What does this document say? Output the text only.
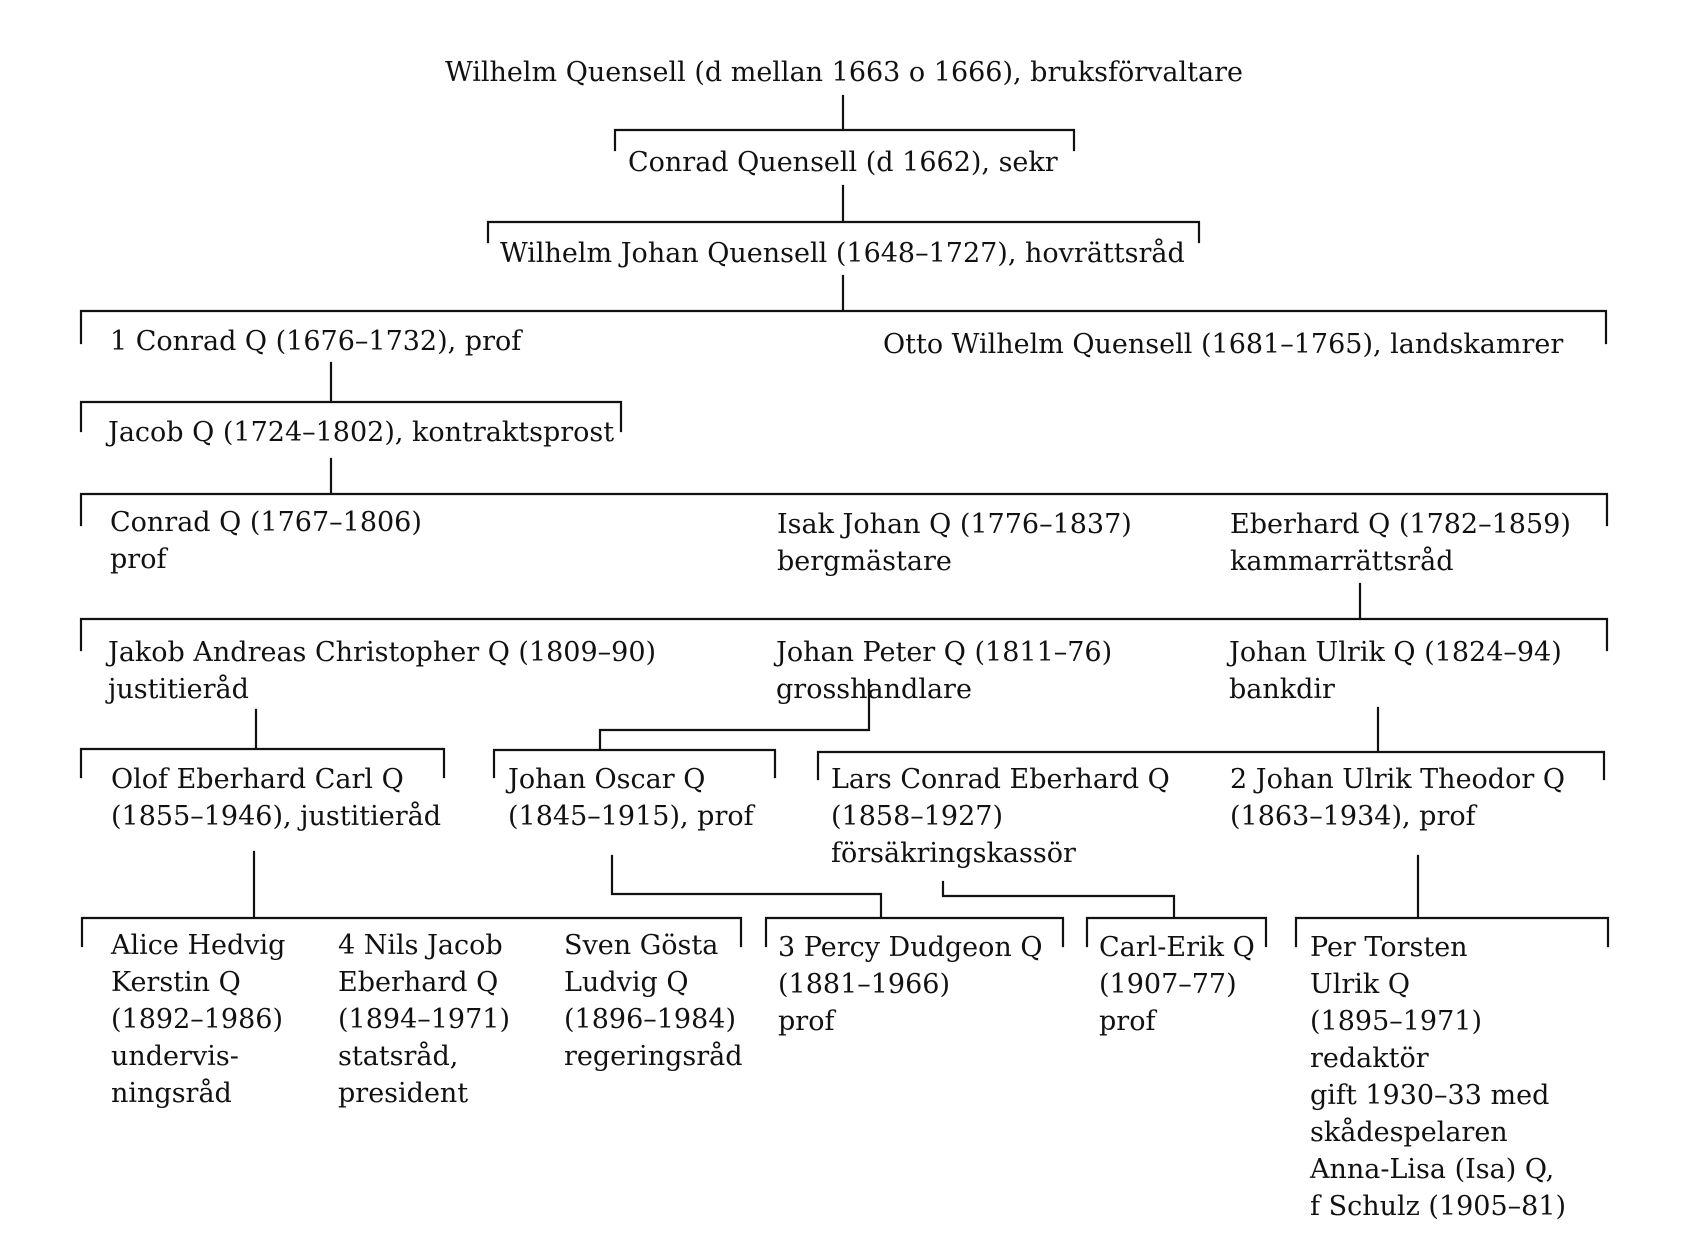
Wilhelm Quensell (d mellan 1663 o 1666), bruksförvaltare
Conrad Quensell (d 1662), sekr
Wilhelm Johan Quensell (1648–1727), hovrättsråd
1 Conrad Q (1676–1732), prof	Otto Wilhelm Quensell (1681–1765), landskamrer
Jacob Q (1724–1802), kontraktsprost
Conrad Q (1767–1806)
prof
Isak Johan Q (1776–1837)
bergmästare
Eberhard Q (1782–1859)
kammarrättsråd
Jakob Andreas Christopher Q (1809–90)
justitieråd
Johan Peter Q (1811–76)
grosshandlare
Johan Ulrik Q (1824–94)
bankdir
Olof Eberhard Carl Q
(1855–1946), justitieråd
Johan Oscar Q
(1845–1915), prof
Lars Conrad Eberhard Q
(1858–1927)
försäkringskassör
2 Johan Ulrik Theodor Q
(1863–1934), prof
Alice Hedvig
Kerstin Q
(1892–1986)
undervis-
ningsråd
4 Nils Jacob
Eberhard Q
(1894–1971)
statsråd,
president
Sven Gösta
Ludvig Q
(1896–1984)
regeringsråd
3 Percy Dudgeon Q
(1881–1966)
prof
Carl-Erik Q
(1907–77)
prof
Per Torsten
Ulrik Q
(1895–1971)
redaktör
gift 1930–33 med
skådespelaren
Anna-Lisa (Isa) Q,
f Schulz (1905–81)
